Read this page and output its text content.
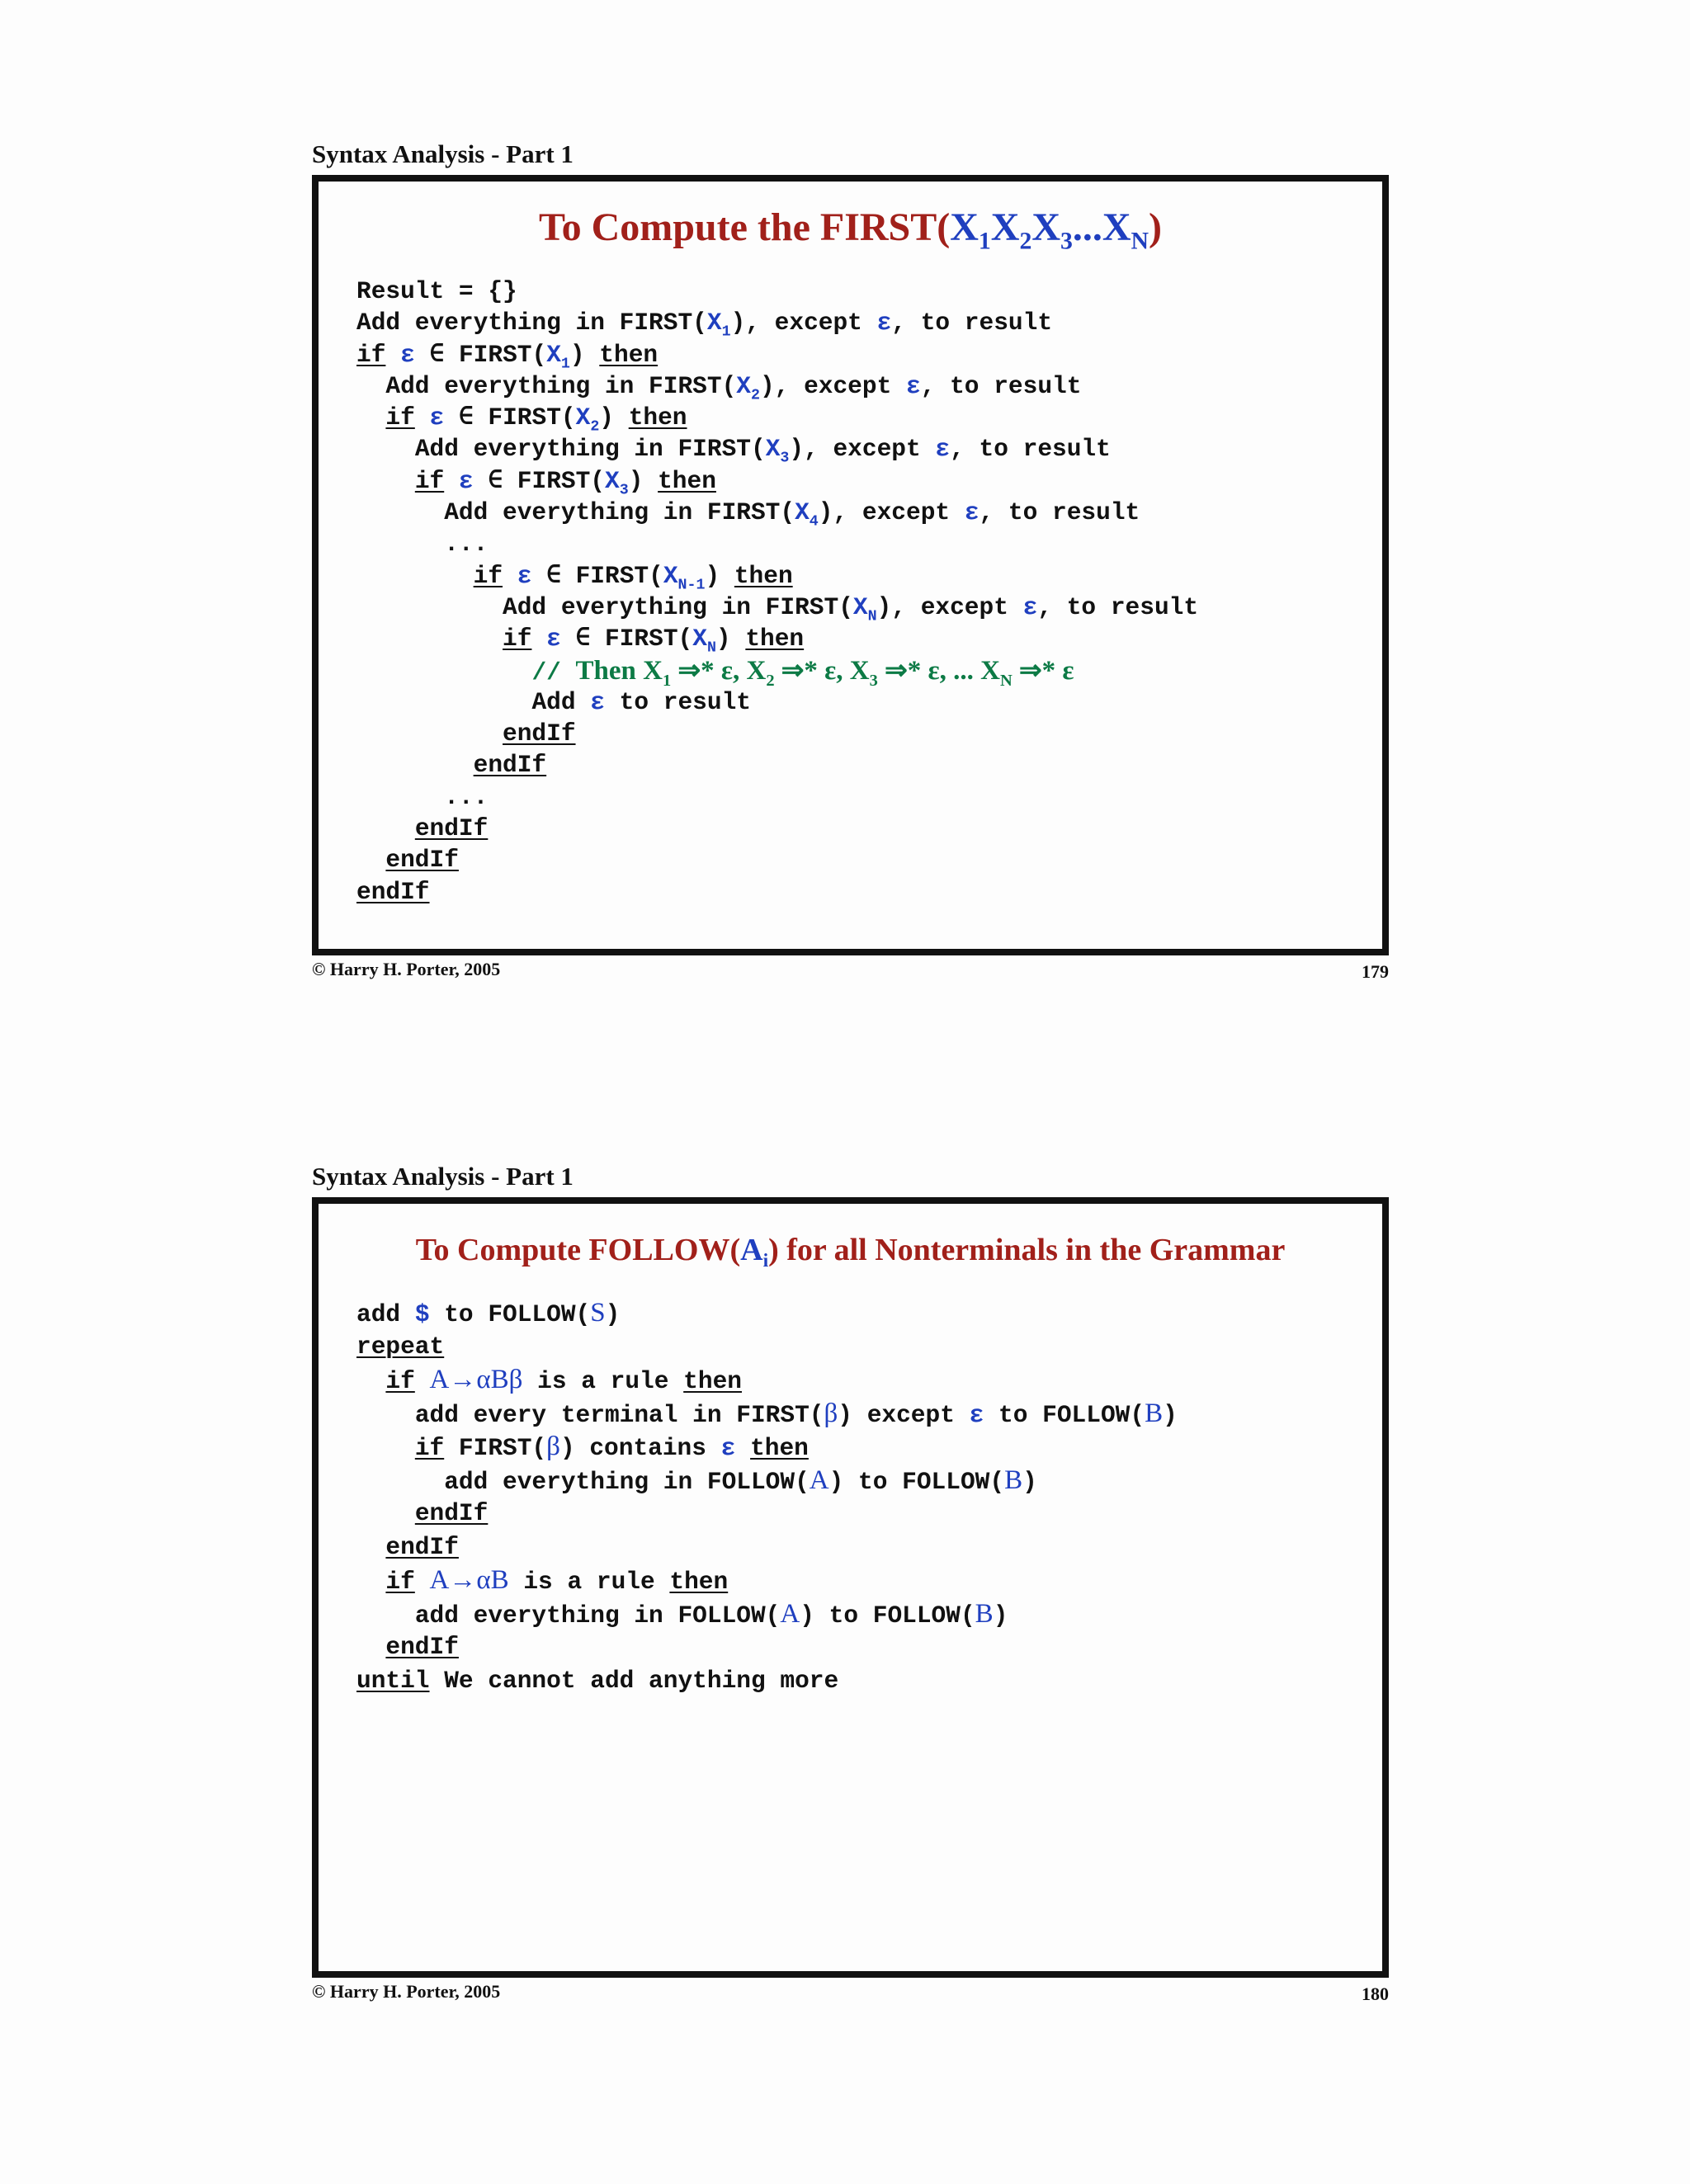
Syntax Analysis - Part 1
To Compute the $FIRST(X_1X_2X_3...X_N)$
Result = {}
Add everything in $FIRST(X_1)$, except ε, to result
if ε ∈ $FIRST(X_1)$ then
Add everything in $FIRST(X_2)$, except ε, to result
if ε ∈ $FIRST(X_2)$ then
Add everything in $FIRST(X_3)$, except ε, to result
if ε ∈ $FIRST(X_3)$ then
Add everything in $FIRST(X_4)$, except ε, to result
...
if ε ∈ $FIRST(X_{N-1})$ then
Add everything in $FIRST(X_N)$, except ε, to result
if ε ∈ $FIRST(X_N)$ then
// Then $X_1$ ⇒* ε, $X_2$ ⇒* ε, $X_3$ ⇒* ε, ... $X_N$ ⇒* ε
Add ε to result
endIf
endIf
...
endIf
endIf
endIf
© Harry H. Porter, 2005	179
Syntax Analysis - Part 1
To Compute $FOLLOW(A_i)$ for all Nonterminals in the Grammar
add $ to FOLLOW(S)
repeat
if A→αBβ is a rule then
add every terminal in FIRST(β) except ε to FOLLOW(B)
if FIRST(β) contains ε then
add everything in FOLLOW(A) to FOLLOW(B)
endIf
endIf
if A→αB is a rule then
add everything in FOLLOW(A) to FOLLOW(B)
endIf
until We cannot add anything more
© Harry H. Porter, 2005	180
